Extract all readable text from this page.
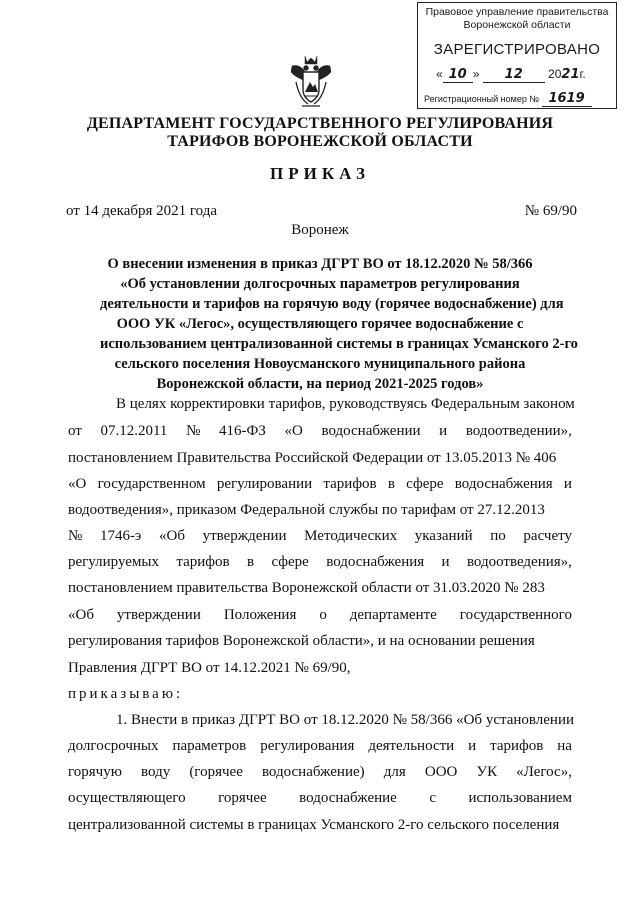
Правовое управление правительства
Воронежской области
ЗАРЕГИСТРИРОВАНО
« 10 » 12 2021г.
Регистрационный номер № 1619
ДЕПАРТАМЕНТ ГОСУДАРСТВЕННОГО РЕГУЛИРОВАНИЯ
ТАРИФОВ ВОРОНЕЖСКОЙ ОБЛАСТИ
ПРИКАЗ
от 14 декабря 2021 года	№ 69/90
Воронеж
О внесении изменения в приказ ДГРТ ВО от 18.12.2020 № 58/366
«Об установлении долгосрочных параметров регулирования
деятельности и тарифов на горячую воду (горячее водоснабжение) для
ООО УК «Легос», осуществляющего горячее водоснабжение с
использованием централизованной системы в границах Усманского 2-го
сельского поселения Новоусманского муниципального района
Воронежской области, на период 2021-2025 годов»
В целях корректировки тарифов, руководствуясь Федеральным законом
от 07.12.2011 № 416-ФЗ «О водоснабжении и водоотведении»,
постановлением Правительства Российской Федерации от 13.05.2013 № 406
«О государственном регулировании тарифов в сфере водоснабжения и
водоотведения», приказом Федеральной службы по тарифам от 27.12.2013
№ 1746-э «Об утверждении Методических указаний по расчету
регулируемых тарифов в сфере водоснабжения и водоотведения»,
постановлением правительства Воронежской области от 31.03.2020 № 283
«Об утверждении Положения о департаменте государственного
регулирования тарифов Воронежской области», и на основании решения
Правления ДГРТ ВО от 14.12.2021 № 69/90,
приказываю:
1. Внести в приказ ДГРТ ВО от 18.12.2020 № 58/366 «Об установлении
долгосрочных параметров регулирования деятельности и тарифов на
горячую воду (горячее водоснабжение) для ООО УК «Легос»,
осуществляющего горячее водоснабжение с использованием
централизованной системы в границах Усманского 2-го сельского поселения
